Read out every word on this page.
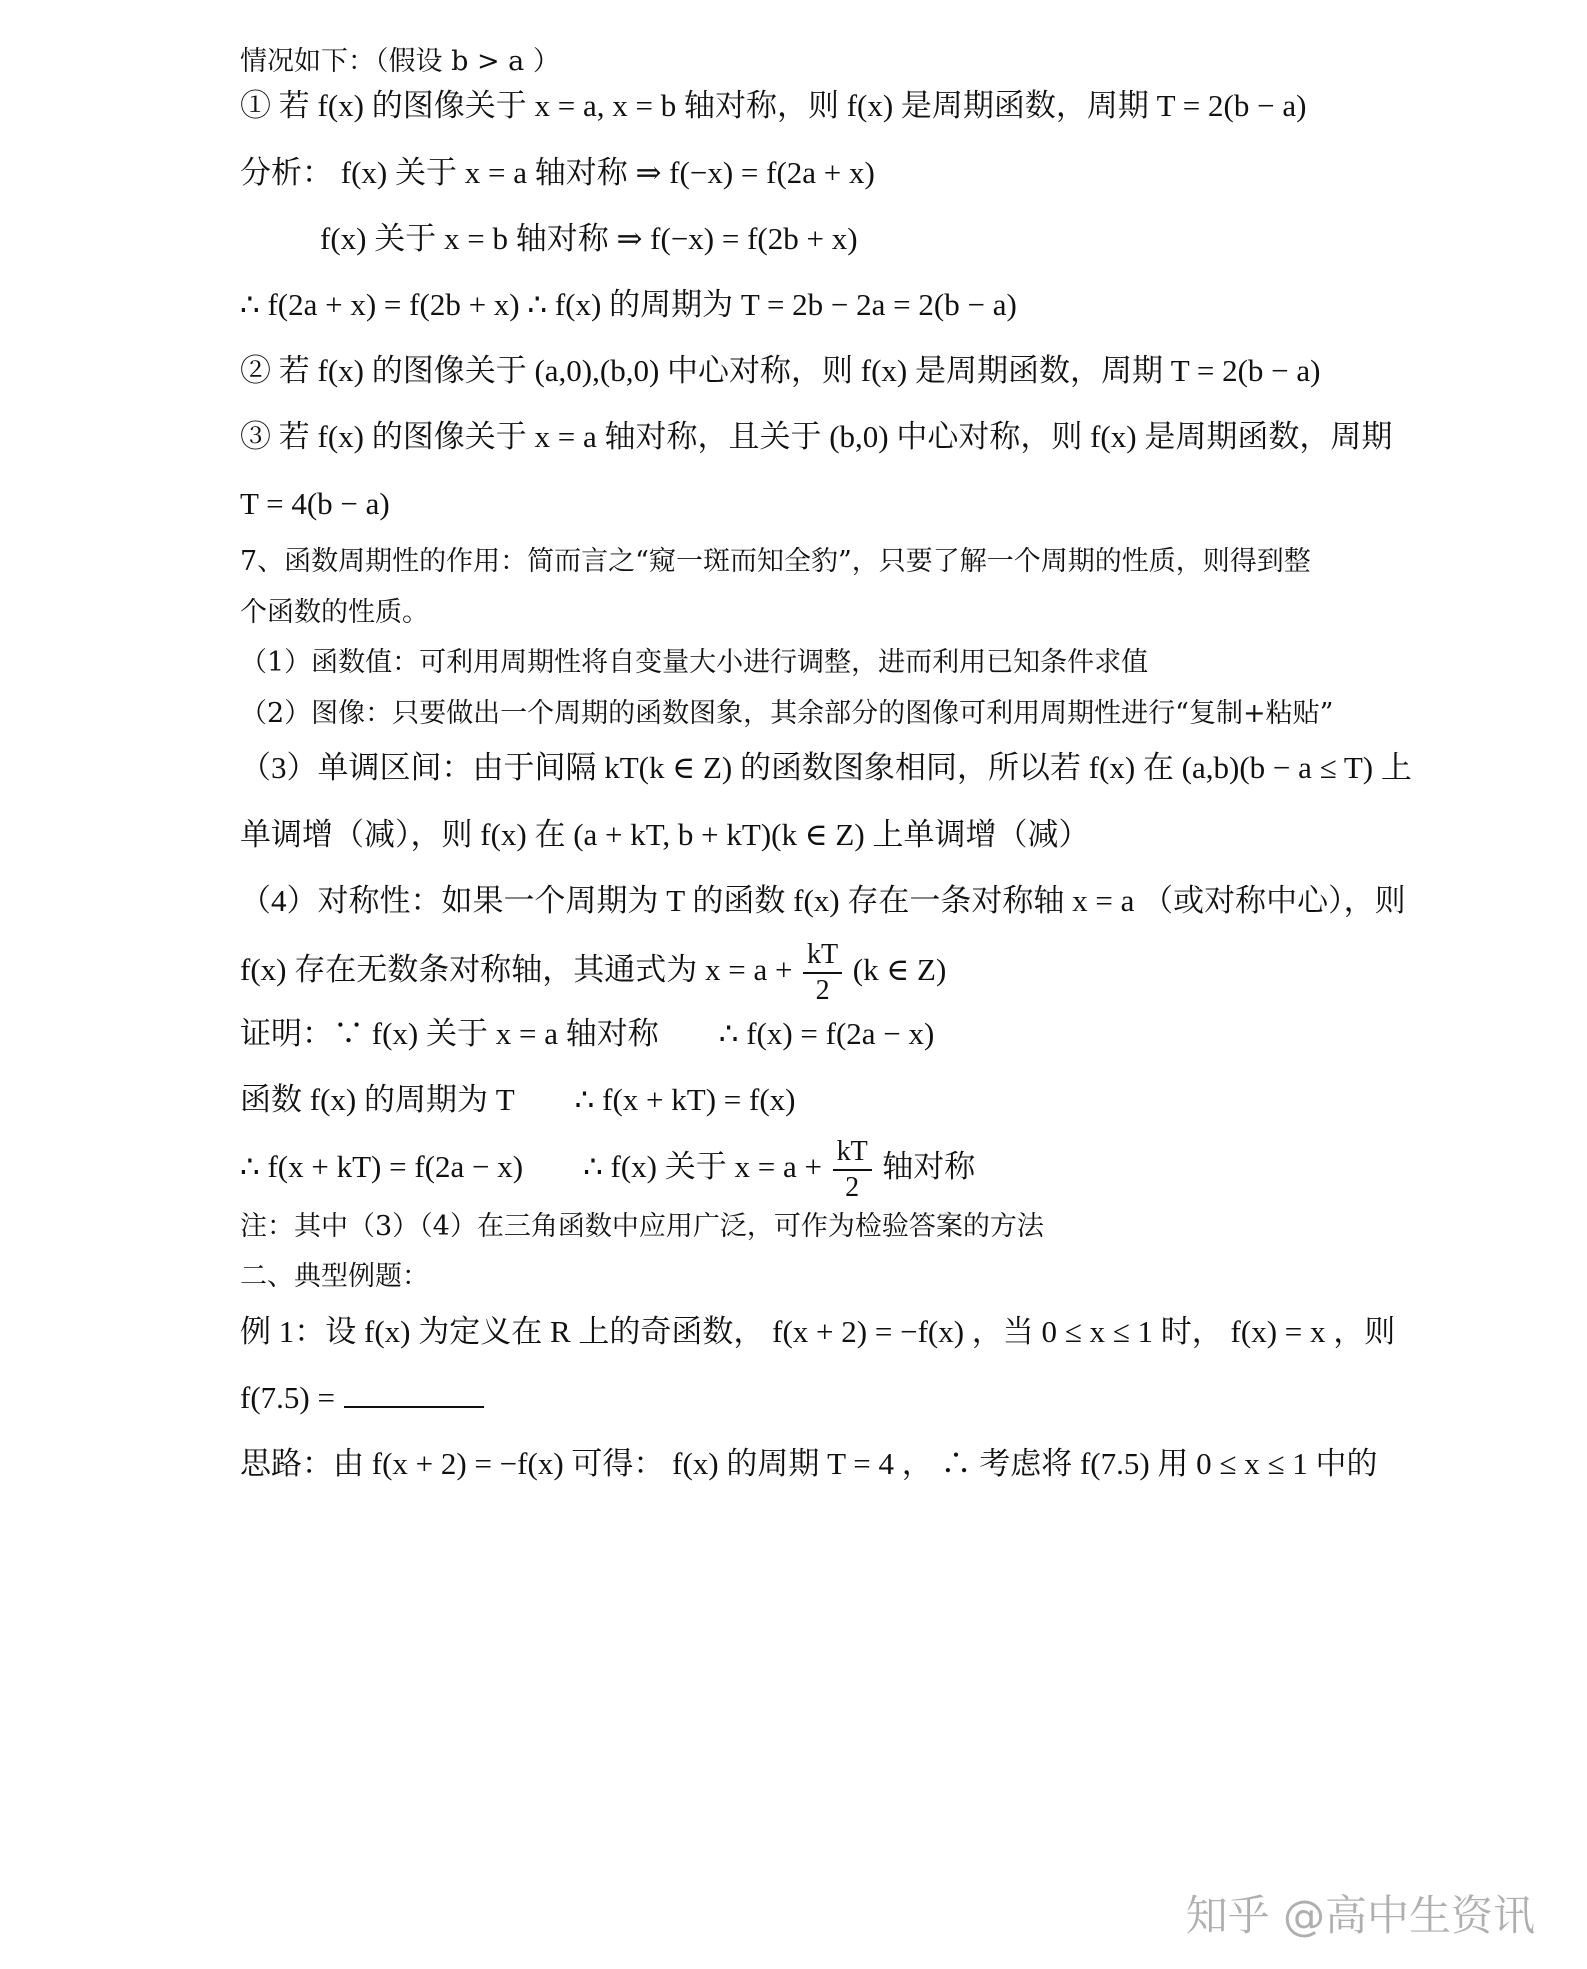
情况如下：（假设 b > a ）
① 若 f(x) 的图像关于 x = a, x = b 轴对称，则 f(x) 是周期函数，周期 T = 2(b − a)
分析： f(x) 关于 x = a 轴对称 ⇒ f(−x) = f(2a + x)
f(x) 关于 x = b 轴对称 ⇒ f(−x) = f(2b + x)
∴ f(2a + x) = f(2b + x) ∴ f(x) 的周期为 T = 2b − 2a = 2(b − a)
② 若 f(x) 的图像关于 (a,0),(b,0) 中心对称，则 f(x) 是周期函数，周期 T = 2(b − a)
③ 若 f(x) 的图像关于 x = a 轴对称，且关于 (b,0) 中心对称，则 f(x) 是周期函数，周期
T = 4(b − a)
7、函数周期性的作用：简而言之“窥一斑而知全豹”，只要了解一个周期的性质，则得到整
个函数的性质。
（1）函数值：可利用周期性将自变量大小进行调整，进而利用已知条件求值
（2）图像：只要做出一个周期的函数图象，其余部分的图像可利用周期性进行“复制+粘贴”
（3）单调区间：由于间隔 kT(k ∈ Z) 的函数图象相同，所以若 f(x) 在 (a,b)(b − a ≤ T) 上
单调增（减），则 f(x) 在 (a + kT, b + kT)(k ∈ Z) 上单调增（减）
（4）对称性：如果一个周期为 T 的函数 f(x) 存在一条对称轴 x = a （或对称中心），则
f(x) 存在无数条对称轴，其通式为 $x = a + \frac{kT}{2} (k$ ∈ Z)
证明：∵ f(x) 关于 x = a 轴对称 ∴ f(x) = f(2a − x)
函数 f(x) 的周期为 T ∴ f(x + kT) = f(x)
∴ f(x + kT) = f(2a − x) ∴ f(x) 关于 $x = a + \frac{kT}{2}$ 轴对称
注：其中（3）（4）在三角函数中应用广泛，可作为检验答案的方法
二、典型例题：
例 1：设 f(x) 为定义在 R 上的奇函数， f(x + 2) = −f(x) ，当 0 ≤ x ≤ 1 时， f(x) = x ，则
f(7.5) =
思路：由 f(x + 2) = −f(x) 可得： f(x) 的周期 T = 4 ， ∴ 考虑将 f(7.5) 用 0 ≤ x ≤ 1 中的
知乎 @高中生资讯
